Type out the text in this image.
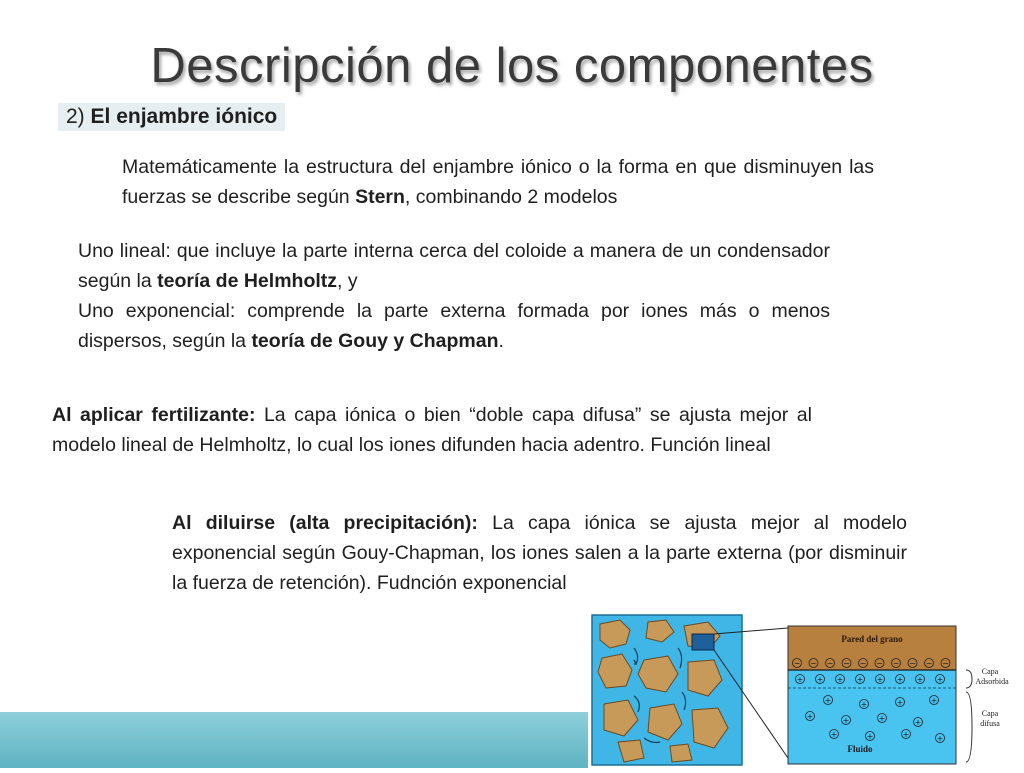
Descripción de los componentes
2) El enjambre iónico
Matemáticamente la estructura del enjambre iónico o la forma en que disminuyen las fuerzas se describe según Stern, combinando 2 modelos
Uno lineal: que incluye la parte interna cerca del coloide a manera de un condensador según la teoría de Helmholtz, y
Uno exponencial: comprende la parte externa formada por iones más o menos dispersos, según la teoría de Gouy y Chapman.
Al aplicar fertilizante: La capa iónica o bien “doble capa difusa” se ajusta mejor al modelo lineal de Helmholtz, lo cual los iones difunden hacia adentro. Función lineal
Al diluirse (alta precipitación): La capa iónica se ajusta mejor al modelo exponencial según Gouy-Chapman, los iones salen a la parte externa (por disminuir la fuerza de retención). Fudnción exponencial
Pared del grano
− − − − − − − − − −
+ + + + + + + +
+	+	+	+
+	+	+	+
+	+	+	+
Fluido
Capa
Adsorbida
Capa
difusa
